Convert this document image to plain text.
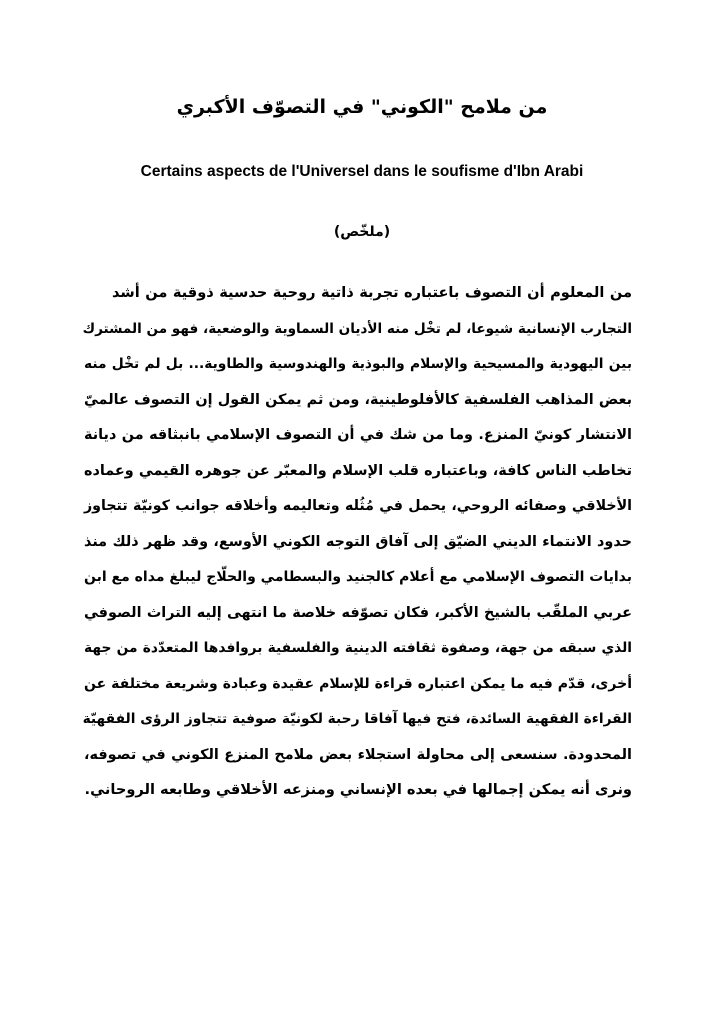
من ملامح "الكوني" في التصوّف الأكبري
Certains aspects de l'Universel dans le soufisme d'Ibn Arabi
(ملخّص)
من المعلوم أن التصوف باعتباره تجربة ذاتية روحية حدسية ذوقية من أشد
التجارب الإنسانية شيوعا، لم تخْل منه الأديان السماوية والوضعية، فهو من المشترك
بين اليهودية والمسيحية والإسلام والبوذية والهندوسية والطاوية... بل لم تخْل منه
بعض المذاهب الفلسفية كالأفلوطينية، ومن ثم يمكن القول إن التصوف عالميّ
الانتشار كونيّ المنزع. وما من شك في أن التصوف الإسلامي بانبثاقه من ديانة
تخاطب الناس كافة، وباعتباره قلب الإسلام والمعبّر عن جوهره القيمي وعماده
الأخلاقي وصفائه الروحي، يحمل في مُثُله وتعاليمه وأخلاقه جوانب كونيّة تتجاوز
حدود الانتماء الديني الضيّق إلى آفاق التوجه الكوني الأوسع، وقد ظهر ذلك منذ
بدايات التصوف الإسلامي مع أعلام كالجنيد والبسطامي والحلّاج ليبلغ مداه مع ابن
عربي الملقّب بالشيخ الأكبر، فكان تصوّفه خلاصة ما انتهى إليه التراث الصوفي
الذي سبقه من جهة، وصفوة ثقافته الدينية والفلسفية بروافدها المتعدّدة من جهة
أخرى، قدّم فيه ما يمكن اعتباره قراءة للإسلام عقيدة وعبادة وشريعة مختلفة عن
القراءة الفقهية السائدة، فتح فيها آفاقا رحبة لكونيّة صوفية تتجاوز الرؤى الفقهيّة
المحدودة. سنسعى إلى محاولة استجلاء بعض ملامح المنزع الكوني في تصوفه،
ونرى أنه يمكن إجمالها في بعده الإنساني ومنزعه الأخلاقي وطابعه الروحاني.
